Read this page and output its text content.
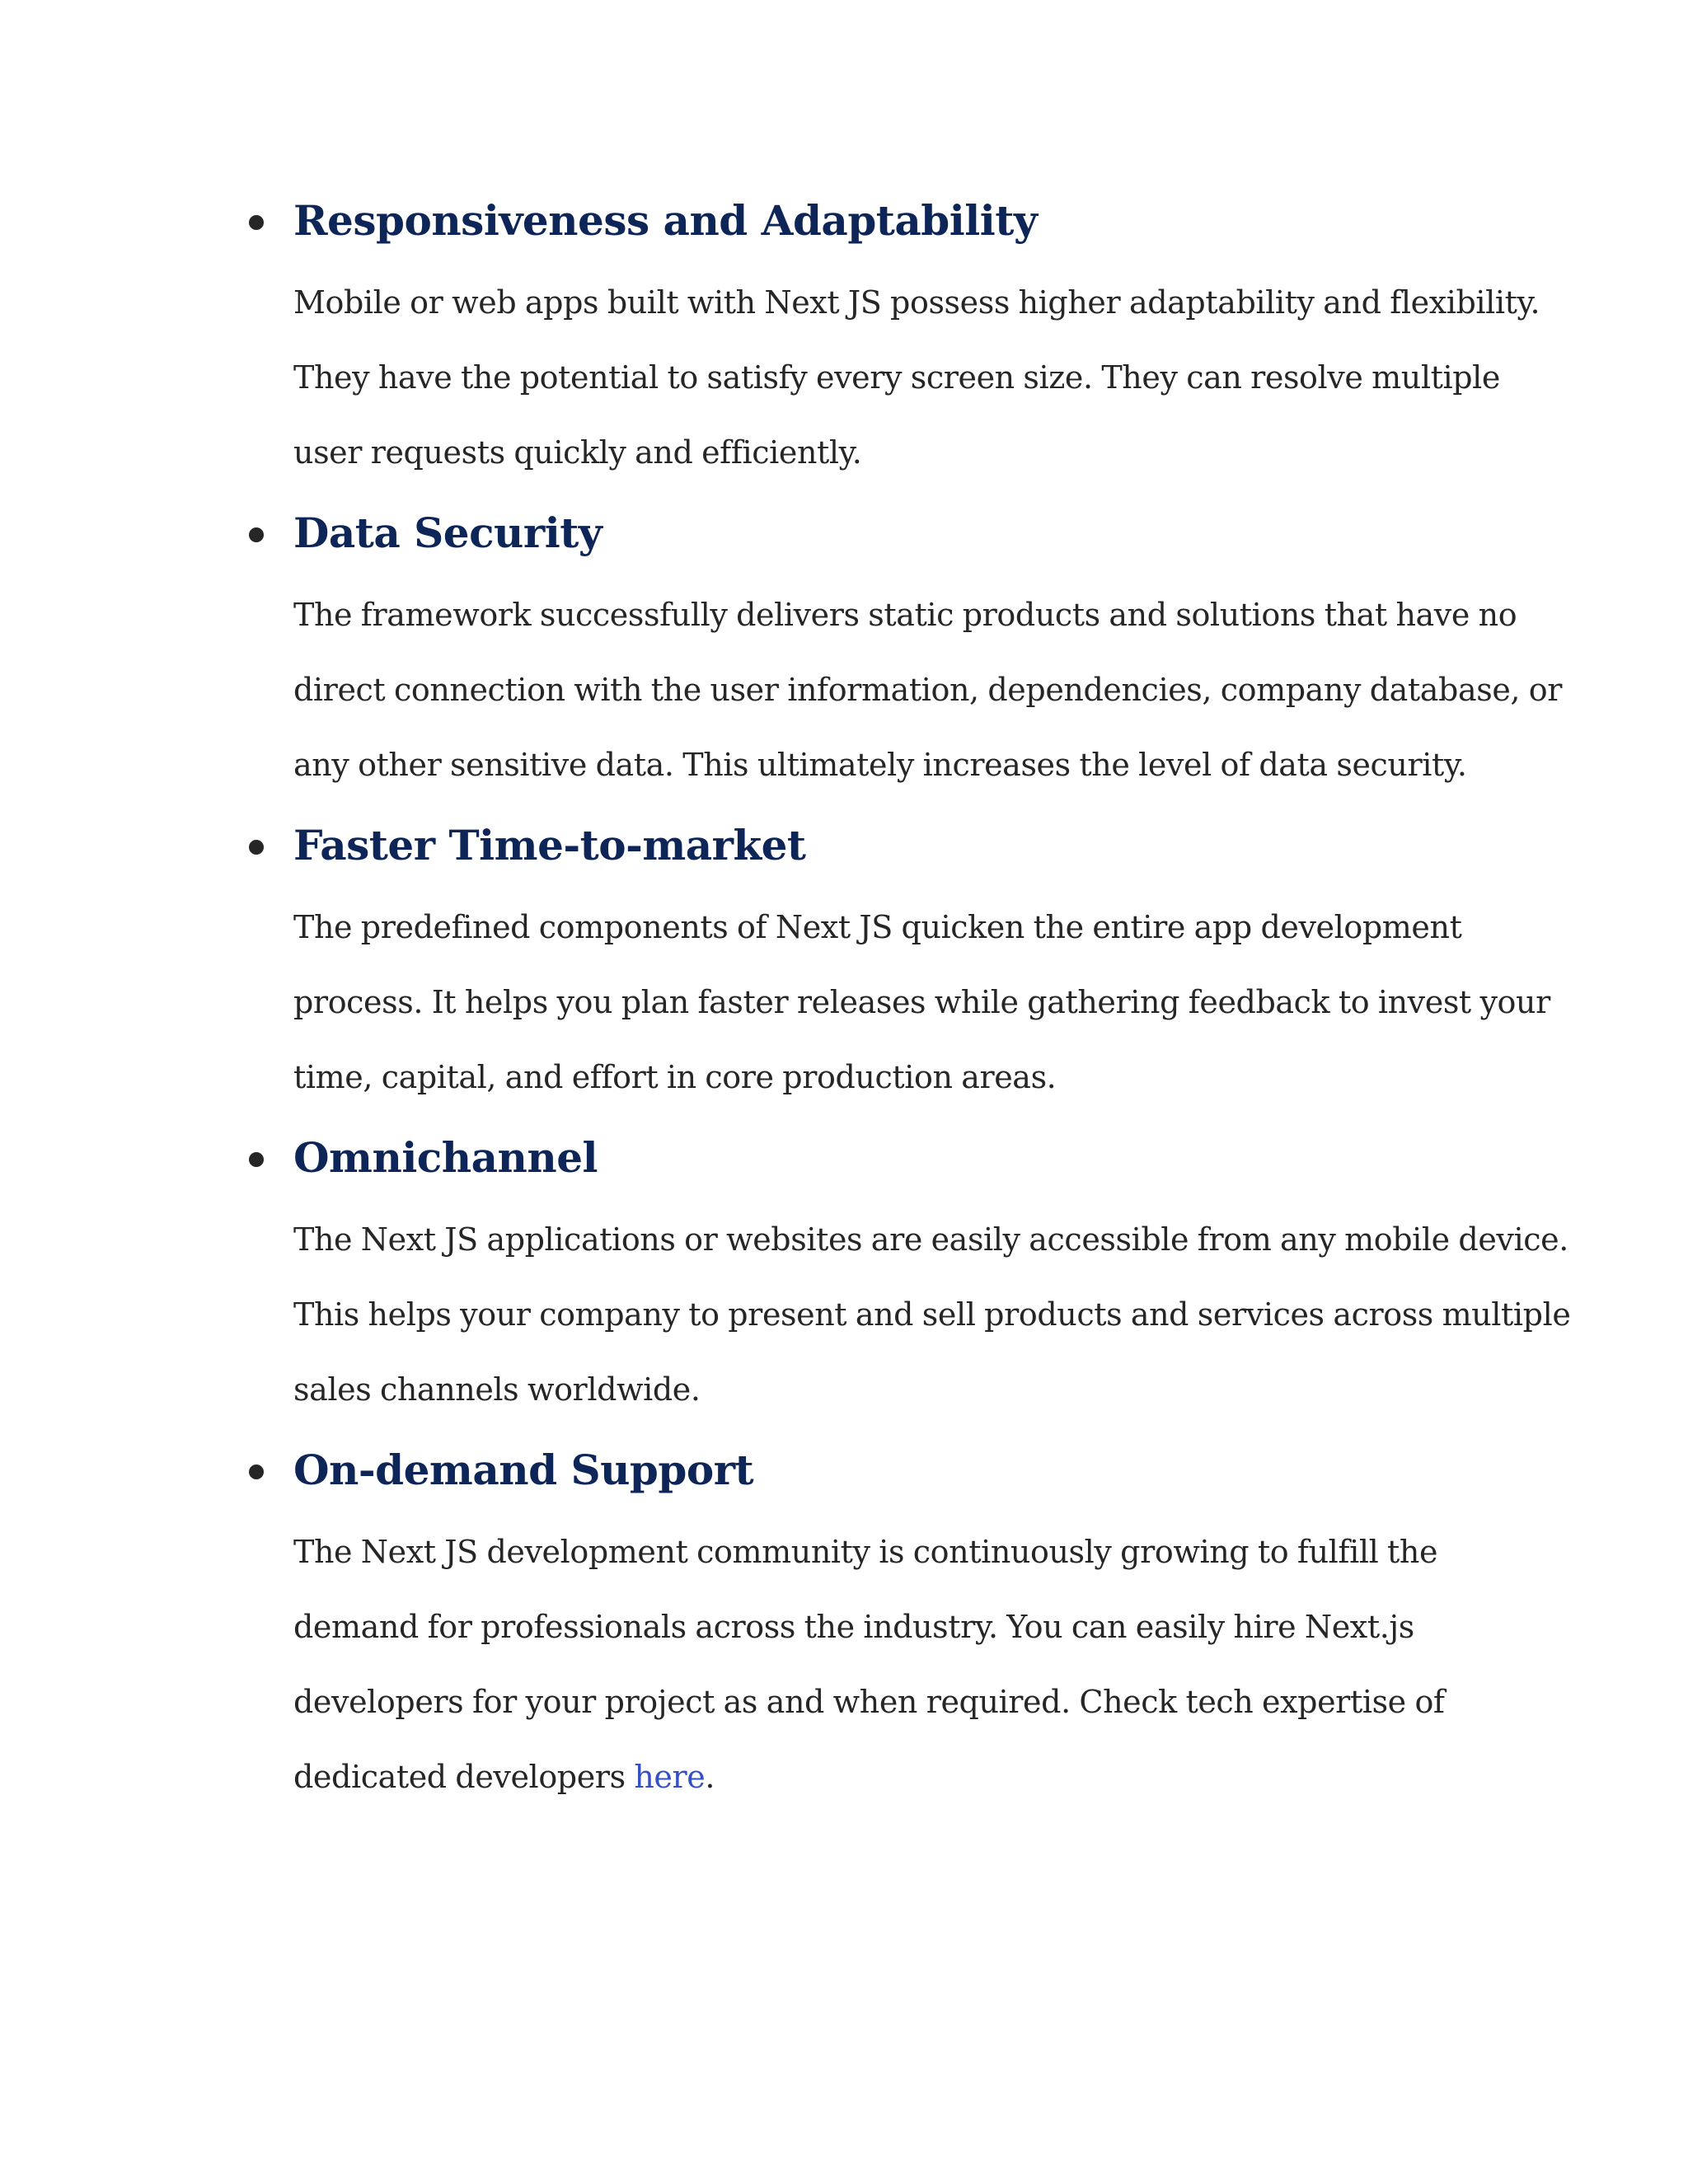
Responsiveness and Adaptability

Mobile or web apps built with Next JS possess higher adaptability and flexibility.
They have the potential to satisfy every screen size. They can resolve multiple
user requests quickly and efficiently.

Data Security

The framework successfully delivers static products and solutions that have no
direct connection with the user information, dependencies, company database, or
any other sensitive data. This ultimately increases the level of data security.

Faster Time-to-market

The predefined components of Next JS quicken the entire app development
process. It helps you plan faster releases while gathering feedback to invest your
time, capital, and effort in core production areas.

Omnichannel

The Next JS applications or websites are easily accessible from any mobile device.
This helps your company to present and sell products and services across multiple
sales channels worldwide.

On-demand Support

The Next JS development community is continuously growing to fulfill the
demand for professionals across the industry. You can easily hire Next.js
developers for your project as and when required. Check tech expertise of
dedicated developers here.
